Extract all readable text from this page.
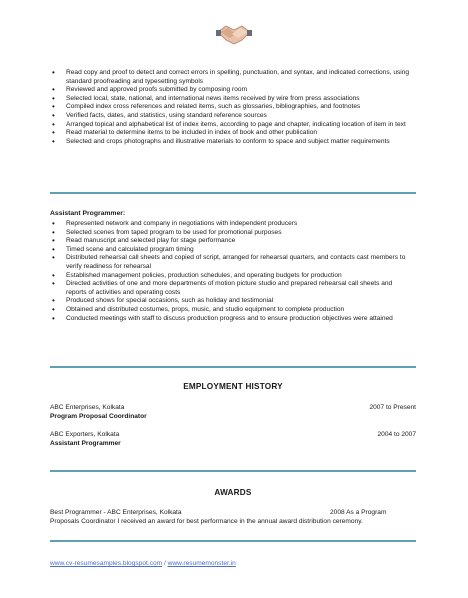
• Read copy and proof to detect and correct errors in spelling, punctuation, and syntax, and indicated corrections, using standard proofreading and typesetting symbols
• Reviewed and approved proofs submitted by composing room
• Selected local, state, national, and international news items received by wire from press associations
• Compiled index cross references and related items, such as glossaries, bibliographies, and footnotes
• Verified facts, dates, and statistics, using standard reference sources
• Arranged topical and alphabetical list of index items, according to page and chapter, indicating location of item in text
• Read material to determine items to be included in index of book and other publication
• Selected and crops photographs and illustrative materials to conform to space and subject matter requirements
Assistant Programmer:
• Represented network and company in negotiations with independent producers
• Selected scenes from taped program to be used for promotional purposes
• Read manuscript and selected play for stage performance
• Timed scene and calculated program timing
• Distributed rehearsal call sheets and copied of script, arranged for rehearsal quarters, and contacts cast members to verify readiness for rehearsal
• Established management policies, production schedules, and operating budgets for production
• Directed activities of one and more departments of motion picture studio and prepared rehearsal call sheets and reports of activities and operating costs
• Produced shows for special occasions, such as holiday and testimonial
• Obtained and distributed costumes, props, music, and studio equipment to complete production
• Conducted meetings with staff to discuss production progress and to ensure production objectives were attained
EMPLOYMENT HISTORY
ABC Enterprises, Kolkata	2007 to Present
Program Proposal Coordinator
ABC Exporters, Kolkata	2004 to 2007
Assistant Programmer
AWARDS
Best Programmer - ABC Enterprises, Kolkata	2008 As a Program
Proposals Coordinator I received an award for best performance in the annual award distribution ceremony.
www.cv-resumesamples.blogspot.com / www.resumemonster.in
